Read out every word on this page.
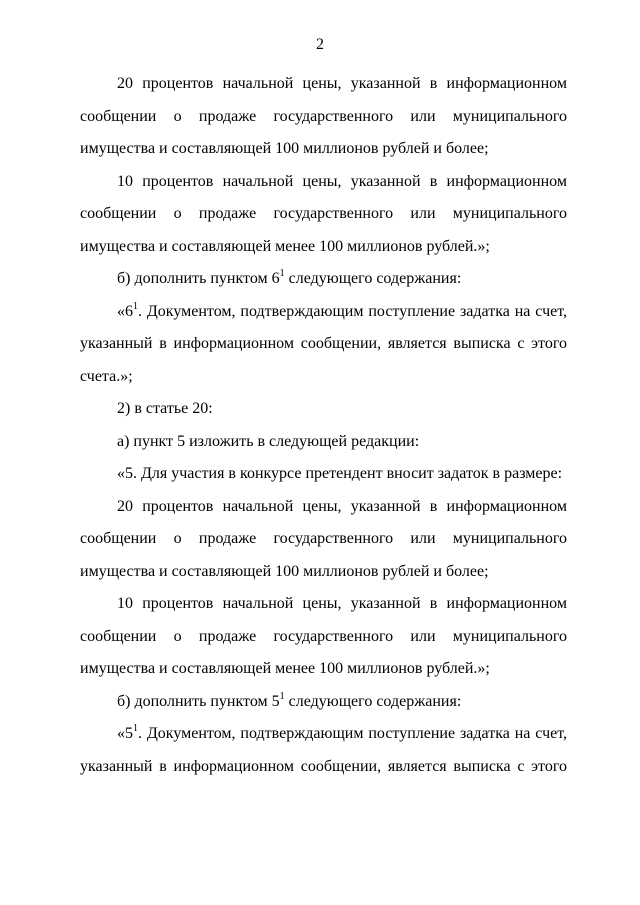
2

20 процентов начальной цены, указанной в информационном сообщении о продаже государственного или муниципального имущества и составляющей 100 миллионов рублей и более;

10 процентов начальной цены, указанной в информационном сообщении о продаже государственного или муниципального имущества и составляющей менее 100 миллионов рублей.»;

б) дополнить пунктом $6^1$ следующего содержания:

«$6^1$. Документом, подтверждающим поступление задатка на счет, указанный в информационном сообщении, является выписка с этого счета.»;

2) в статье 20:

а) пункт 5 изложить в следующей редакции:

«5. Для участия в конкурсе претендент вносит задаток в размере:

20 процентов начальной цены, указанной в информационном сообщении о продаже государственного или муниципального имущества и составляющей 100 миллионов рублей и более;

10 процентов начальной цены, указанной в информационном сообщении о продаже государственного или муниципального имущества и составляющей менее 100 миллионов рублей.»;

б) дополнить пунктом $5^1$ следующего содержания:

«$5^1$. Документом, подтверждающим поступление задатка на счет, указанный в информационном сообщении, является выписка с этого
